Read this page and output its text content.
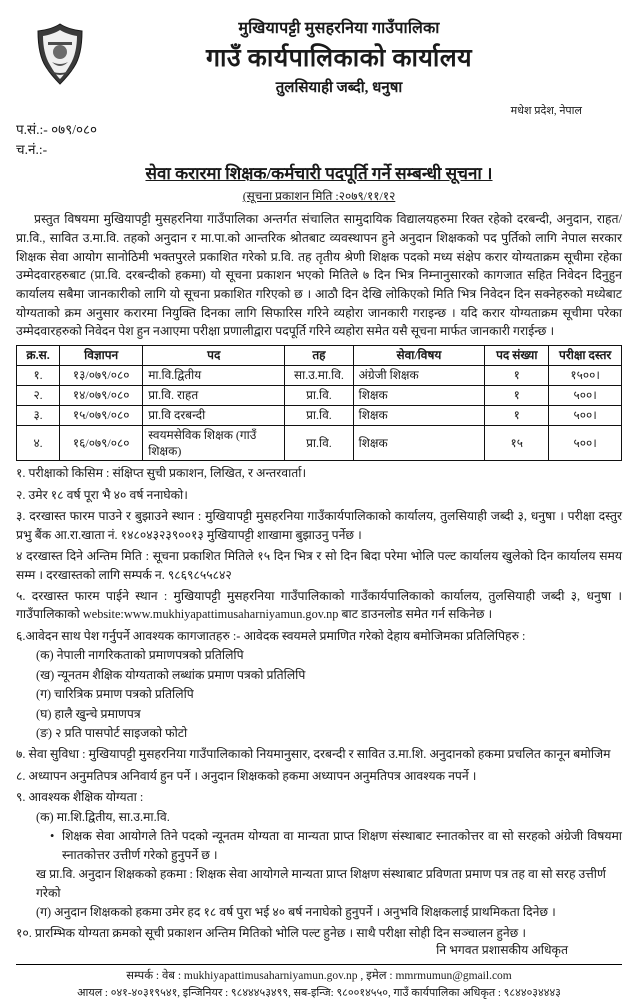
मुखियापट्टी मुसहरनिया गाउँपालिका
गाउँ कार्यपालिकाको कार्यालय
तुलसियाही जब्दी, धनुषा
मधेश प्रदेश, नेपाल
प.सं.:- ०७९/०८०
च.नं.:-
सेवा करारमा शिक्षक/कर्मचारी पदपूर्ति गर्ने सम्बन्धी सूचना ।
(सूचना प्रकाशन मिति :२०७९/११/१२
प्रस्तुत विषयमा मुखियापट्टी मुसहरनिया गाउँपालिका अन्तर्गत संचालित सामुदायिक विद्यालयहरुमा रिक्त रहेको दरबन्दी, अनुदान, राहत/प्रा.वि., सावित उ.मा.वि. तहको अनुदान र मा.पा.को आन्तरिक श्रोतबाट व्यवस्थापन हुने अनुदान शिक्षकको पद पुर्तिको लागि नेपाल सरकार शिक्षक सेवा आयोग सानोठिमी भक्तपुरले प्रकाशित गरेको प्र.वि. तह तृतीय श्रेणी शिक्षक पदको मध्य संक्षेप करार योग्यताक्रम सूचीमा रहेका उम्मेदवारहरुबाट (प्रा.वि. दरबन्दीको हकमा) यो सूचना प्रकाशन भएको मितिले ७ दिन भित्र निम्नानुसारको कागजात सहित निवेदन दिनुहुन कार्यालय सबैमा जानकारीको लागि यो सूचना प्रकाशित गरिएको छ । आठौ दिन देखि लोकिएको मिति भित्र निवेदन दिन सक्नेहरुको मध्येबाट योग्यताको क्रम अनुसार करारमा नियुक्ति दिनका लागि सिफारिस गरिने व्यहोरा जानकारी गराइन्छ । यदि करार योग्यताक्रम सूचीमा परेका उम्मेदवारहरुको निवेदन पेश हुन नआएमा परीक्षा प्रणालीद्वारा पदपूर्ति गरिने व्यहोरा समेत यसै सूचना मार्फत जानकारी गराईन्छ ।
क्र.स.	विज्ञापन	पद	तह	सेवा/विषय	पद संख्या	परीक्षा दस्तर
१.	१३/०७९/०८०	मा.वि.द्वितीय	सा.उ.मा.वि.	अंग्रेजी शिक्षक	१	१५००।
२.	१४/०७९/०८०	प्रा.वि. राहत	प्रा.वि.	शिक्षक	१	५००।
३.	१५/०७९/०८०	प्रा.वि दरबन्दी	प्रा.वि.	शिक्षक	१	५००।
४.	१६/०७९/०८०	स्वयमसेविक शिक्षक (गाउँ शिक्षक)	प्रा.वि.	शिक्षक	१५	५००।
१. परीक्षाको किसिम : संक्षिप्त सुची प्रकाशन, लिखित, र अन्तरवार्ता।
२. उमेर १८ वर्ष पूरा भै ४० वर्ष ननाघेको।
३. दरखास्त फारम पाउने र बुझाउने स्थान : मुखियापट्टी मुसहरनिया गाउँकार्यपालिकाको कार्यालय, तुलसियाही जब्दी ३, धनुषा । परीक्षा दस्तुर प्रभु बैंक आ.रा.खाता नं. १४८०४३२३९००१३ मुखियापट्टी शाखामा बुझाउनु पर्नेछ ।
४ दरखास्त दिने अन्तिम मिति : सूचना प्रकाशित मितिले १५ दिन भित्र र सो दिन बिदा परेमा भोलि पल्ट कार्यालय खुलेको दिन कार्यालय समय सम्म । दरखास्तको लागि सम्पर्क न. ९८६९८५५८४२
५. दरखास्त फारम पाईने स्थान : मुखियापट्टी मुसहरनिया गाउँपालिकाको गाउँकार्यपालिकाको कार्यालय, तुलसियाही जब्दी ३, धनुषा । गाउँपालिकाको website:www.mukhiyapattimusaharniyamun.gov.np बाट डाउनलोड समेत गर्न सकिनेछ ।
६.आवेदन साथ पेश गर्नुपर्ने आवश्यक कागजातहरु :- आवेदक स्वयमले प्रमाणित गरेको देहाय बमोजिमका प्रतिलिपिहरु :
(क) नेपाली नागरिकताको प्रमाणपत्रको प्रतिलिपि
(ख) न्यूनतम शैक्षिक योग्यताको लब्धांक प्रमाण पत्रको प्रतिलिपि
(ग) चारित्रिक प्रमाण पत्रको प्रतिलिपि
(घ) हालै खुन्चे प्रमाणपत्र
(ङ) २ प्रति पासपोर्ट साइजको फोटो
७. सेवा सुविधा : मुखियापट्टी मुसहरनिया गाउँपालिकाको नियमानुसार, दरबन्दी र सावित उ.मा.शि. अनुदानको हकमा प्रचलित कानून बमोजिम
८. अध्यापन अनुमतिपत्र अनिवार्य हुन पर्ने । अनुदान शिक्षकको हकमा अध्यापन अनुमतिपत्र आवश्यक नपर्ने ।
९. आवश्यक शैक्षिक योग्यता :
(क) मा.शि.द्वितीय, सा.उ.मा.वि.
• शिक्षक सेवा आयोगले तिने पदको न्यूनतम योग्यता वा मान्यता प्राप्त शिक्षण संस्थाबाट स्नातकोत्तर वा सो सरहको अंग्रेजी विषयमा स्नातकोत्तर उत्तीर्ण गरेको हुनुपर्ने छ ।
ख प्रा.वि. अनुदान शिक्षकको हकमा : शिक्षक सेवा आयोगले मान्यता प्राप्त शिक्षण संस्थाबाट प्रविणता प्रमाण पत्र तह वा सो सरह उत्तीर्ण गरेको
(ग) अनुदान शिक्षकको हकमा उमेर हद १८ वर्ष पुरा भई ४० बर्ष ननाघेको हुनुपर्ने । अनुभवि शिक्षकलाई प्राथमिकता दिनेछ ।
१०. प्रारम्भिक योग्यता क्रमको सूची प्रकाशन अन्तिम मितिको भोलि पल्ट हुनेछ । साथै परीक्षा सोही दिन सञ्चालन हुनेछ ।
नि भगवत प्रशासकीय अधिकृत
सम्पर्क : वेब : mukhiyapattimusaharniyamun.gov.np , इमेल : mmrmumun@gmail.com
आयल : ०४१-४०३१९५४१, इन्जिनियर : ९८४४४५३४९९, सब-इन्जि: ९८००१४५५०, गाउँ कार्यपालिका अधिकृत : ९८४४०३४४४३
